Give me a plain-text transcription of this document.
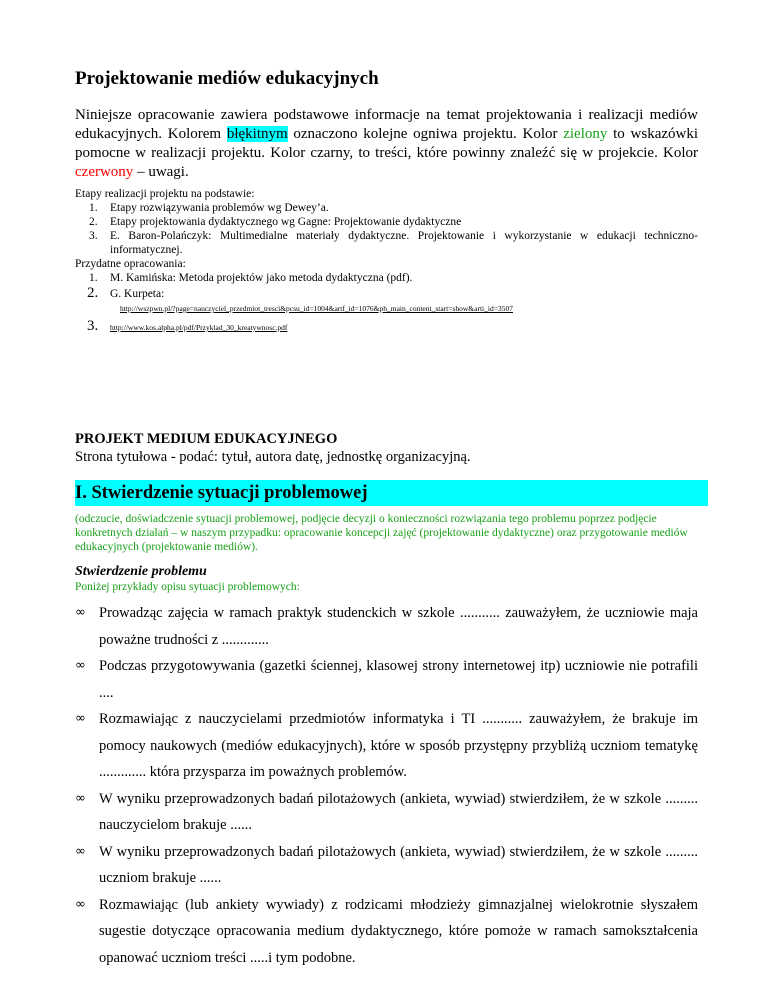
Projektowanie mediów edukacyjnych

Niniejsze opracowanie zawiera podstawowe informacje na temat projektowania i realizacji mediów edukacyjnych. Kolorem błękitnym oznaczono kolejne ogniwa projektu. Kolor zielony to wskazówki pomocne w realizacji projektu. Kolor czarny, to treści, które powinny znaleźć się w projekcie. Kolor czerwony – uwagi.

Etapy realizacji projektu na podstawie:

1. Etapy rozwiązywania problemów wg Dewey’a.
2. Etapy projektowania dydaktycznego wg Gagne: Projektowanie dydaktyczne
3. E. Baron-Polańczyk: Multimedialne materiały dydaktyczne. Projektowanie i wykorzystanie w edukacji techniczno-informatycznej.

Przydatne opracowania:

1. M. Kamińska: Metoda projektów jako metoda dydaktyczna (pdf).
2. G. Kurpeta:
http://wszpwn.pl/?page=nauczyciel_przedmiot_tresci&pcsu_id=1004&artf_id=1076&ph_main_content_start=show&arti_id=3507
3. http://www.kos.alpha.pl/pdf/Przyklad_30_kreatywnosc.pdf
PROJEKT MEDIUM EDUKACYJNEGO
Strona tytułowa - podać: tytuł, autora datę, jednostkę organizacyjną.
I. Stwierdzenie sytuacji problemowej

(odczucie, doświadczenie sytuacji problemowej, podjęcie decyzji o konieczności rozwiązania tego problemu poprzez podjęcie konkretnych działań – w naszym przypadku: opracowanie koncepcji zajęć (projektowanie dydaktyczne) oraz przygotowanie mediów edukacyjnych (projektowanie mediów).

Stwierdzenie problemu
Poniżej przykłady opisu sytuacji problemowych:
∞ Prowadząc zajęcia w ramach praktyk studenckich w szkole ........... zauważyłem, że uczniowie maja poważne trudności z .............
∞ Podczas przygotowywania (gazetki ściennej, klasowej strony internetowej itp) uczniowie nie potrafili ....
∞ Rozmawiając z nauczycielami przedmiotów informatyka i TI ........... zauważyłem, że brakuje im pomocy naukowych (mediów edukacyjnych), które w sposób przystępny przybliżą uczniom tematykę ............. która przysparza im poważnych problemów.
∞ W wyniku przeprowadzonych badań pilotażowych (ankieta, wywiad) stwierdziłem, że w szkole ......... nauczycielom brakuje ......
∞ W wyniku przeprowadzonych badań pilotażowych (ankieta, wywiad) stwierdziłem, że w szkole ......... uczniom brakuje ......
∞ Rozmawiając (lub ankiety wywiady) z rodzicami młodzieży gimnazjalnej wielokrotnie słyszałem sugestie dotyczące opracowania medium dydaktycznego, które pomoże w ramach samokształcenia opanować uczniom treści .....i tym podobne.
